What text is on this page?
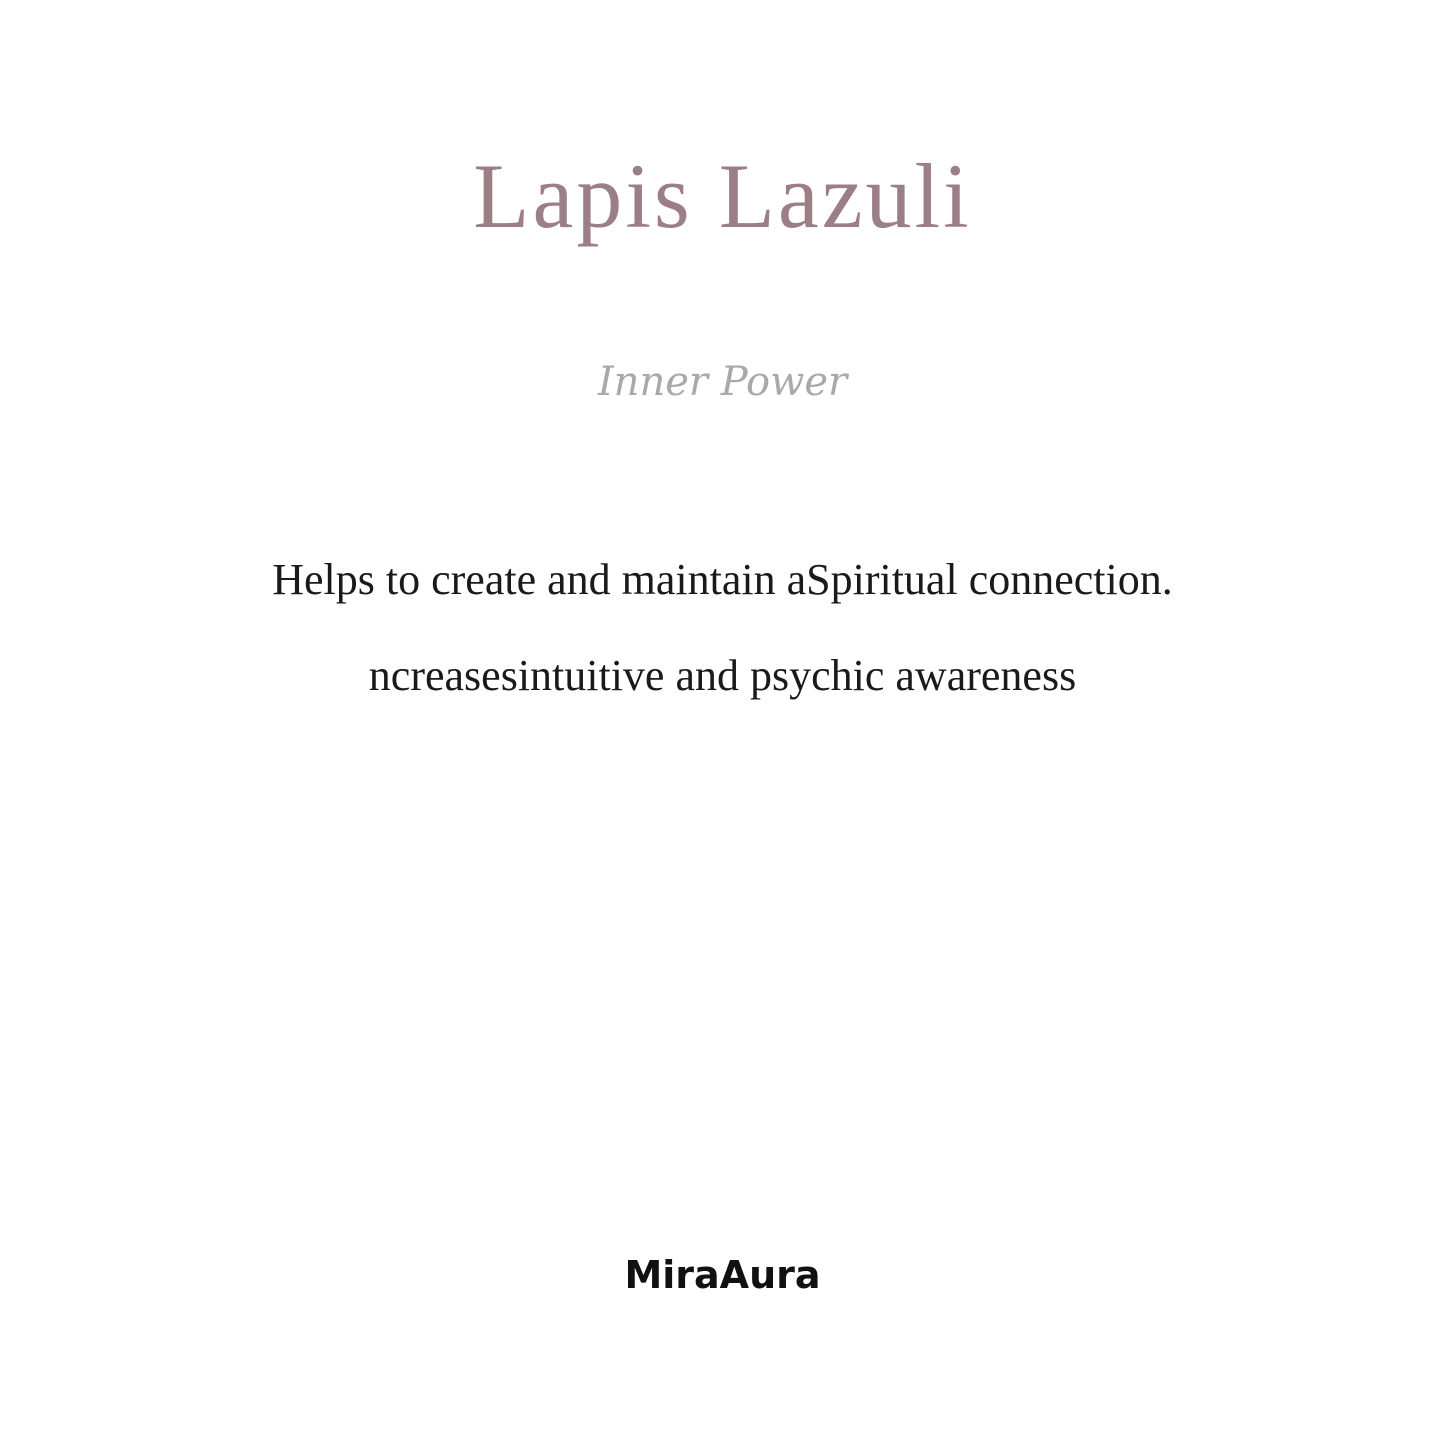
Lapis Lazuli
Inner Power
Helps to create and maintain aSpiritual connection.
ncreasesintuitive and psychic awareness
MiraAura
